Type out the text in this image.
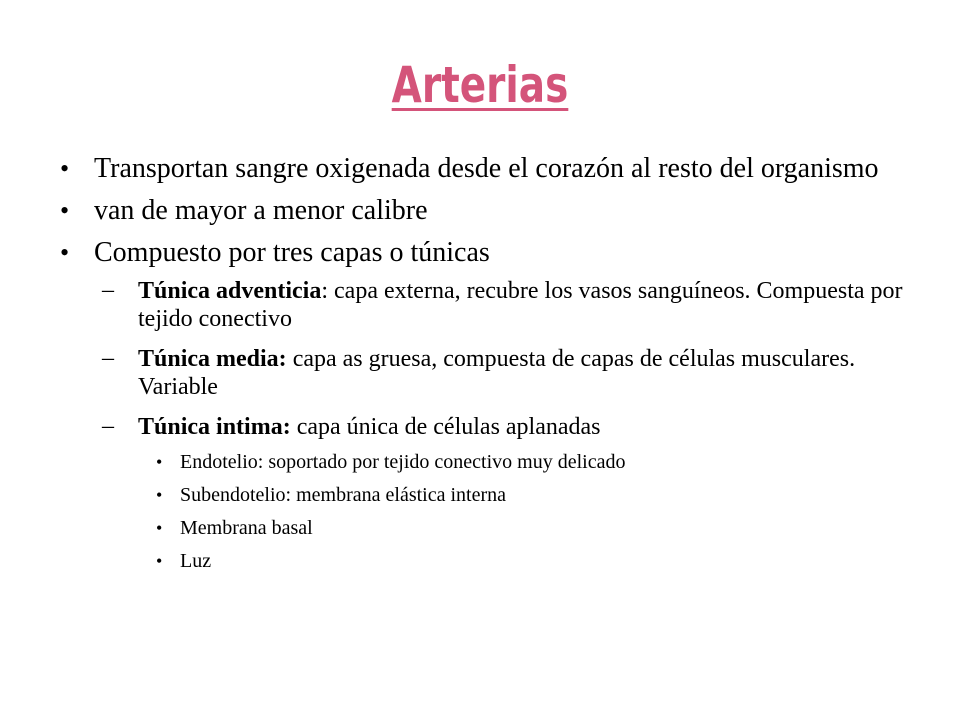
Arterias
• Transportan sangre oxigenada desde el corazón al resto del organismo
• van de mayor a menor calibre
• Compuesto por tres capas o túnicas
– Túnica adventicia: capa externa, recubre los vasos sanguíneos. Compuesta por tejido conectivo
– Túnica media: capa as gruesa, compuesta de capas de células musculares. Variable
– Túnica intima: capa única de células aplanadas
• Endotelio: soportado por tejido conectivo muy delicado
• Subendotelio: membrana elástica interna
• Membrana basal
• Luz
